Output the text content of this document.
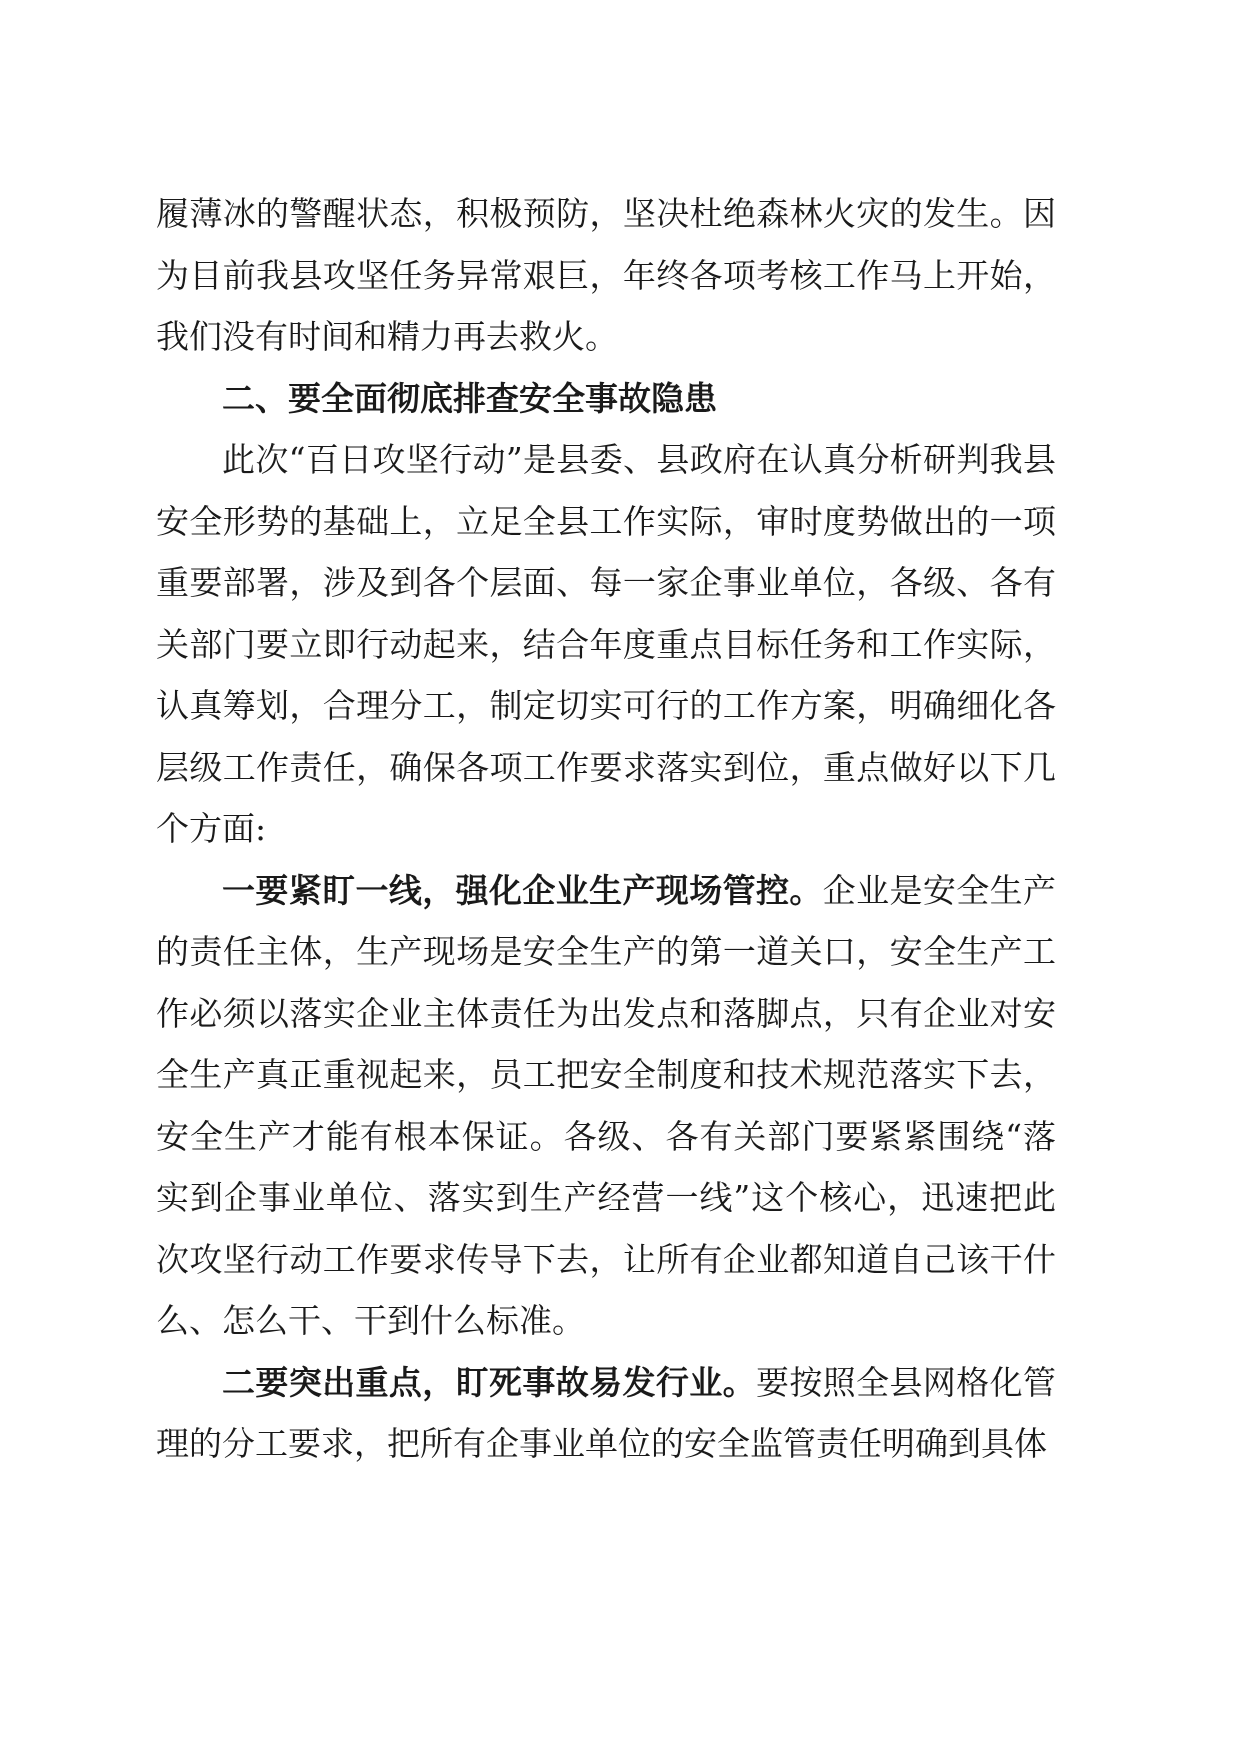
履薄冰的警醒状态，积极预防，坚决杜绝森林火灾的发生。因为目前我县攻坚任务异常艰巨，年终各项考核工作马上开始，我们没有时间和精力再去救火。

二、要全面彻底排查安全事故隐患

此次“百日攻坚行动”是县委、县政府在认真分析研判我县安全形势的基础上，立足全县工作实际，审时度势做出的一项重要部署，涉及到各个层面、每一家企事业单位，各级、各有关部门要立即行动起来，结合年度重点目标任务和工作实际，认真筹划，合理分工，制定切实可行的工作方案，明确细化各层级工作责任，确保各项工作要求落实到位，重点做好以下几个方面:

一要紧盯一线，强化企业生产现场管控。企业是安全生产的责任主体，生产现场是安全生产的第一道关口，安全生产工作必须以落实企业主体责任为出发点和落脚点，只有企业对安全生产真正重视起来，员工把安全制度和技术规范落实下去，安全生产才能有根本保证。各级、各有关部门要紧紧围绕“落实到企事业单位、落实到生产经营一线”这个核心，迅速把此次攻坚行动工作要求传导下去，让所有企业都知道自己该干什么、怎么干、干到什么标准。

二要突出重点，盯死事故易发行业。要按照全县网格化管理的分工要求，把所有企事业单位的安全监管责任明确到具体
